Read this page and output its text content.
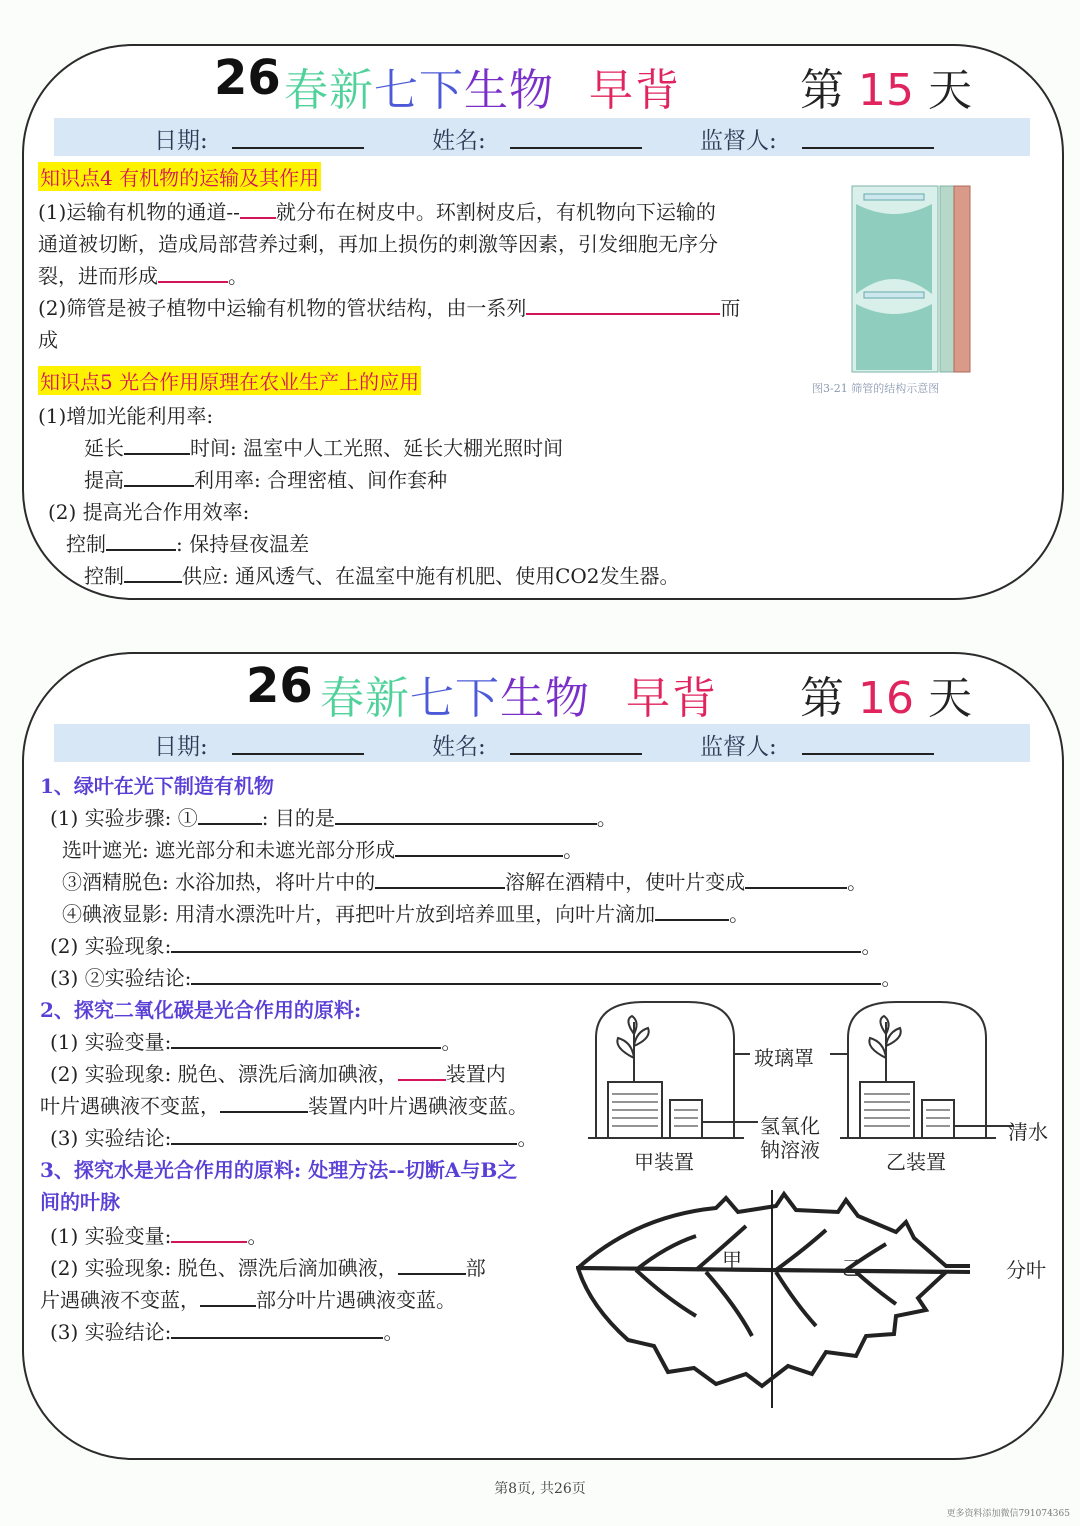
26 春新七下生物 早背	第 15 天
日期:	姓名:	监督人:
知识点4 有机物的运输及其作用
(1)运输有机物的通道-- 就分布在树皮中。环割树皮后，有机物向下运输的
通道被切断，造成局部营养过剩，再加上损伤的刺激等因素，引发细胞无序分
裂，进而形成	。
(2)筛管是被子植物中运输有机物的管状结构，由一系列	而
成
图3-21 筛管的结构示意图
知识点5 光合作用原理在农业生产上的应用
(1)增加光能利用率:
延长	时间: 温室中人工光照、延长大棚光照时间
提高	利用率: 合理密植、间作套种
(2) 提高光合作用效率:
控制	: 保持昼夜温差
控制	供应: 通风透气、在温室中施有机肥、使用CO2发生器。
26 春新七下生物 早背 第 16 天
日期:	姓名:	监督人:
1、绿叶在光下制造有机物
(1) 实验步骤: ①	: 目的是	。
选叶遮光: 遮光部分和未遮光部分形成	。
③酒精脱色: 水浴加热，将叶片中的	溶解在酒精中，使叶片变成	。
④碘液显影: 用清水漂洗叶片，再把叶片放到培养皿里，向叶片滴加	。
(2) 实验现象:	。
(3) ②实验结论:	。
2、探究二氧化碳是光合作用的原料:
(1) 实验变量:	。
(2) 实验现象: 脱色、漂洗后滴加碘液， 装置内
叶片遇碘液不变蓝，	装置内叶片遇碘液变蓝。
(3) 实验结论:	。
3、探究水是光合作用的原料: 处理方法--切断A与B之
间的叶脉
(1) 实验变量:	。
(2) 实验现象: 脱色、漂洗后滴加碘液，	部
片遇碘液不变蓝，	部分叶片遇碘液变蓝。
(3) 实验结论:	。
玻璃罩
氢氧化
钠溶液
清水
甲装置	乙装置
甲	乙	分叶
第8页, 共26页
更多资料添加微信791074365
